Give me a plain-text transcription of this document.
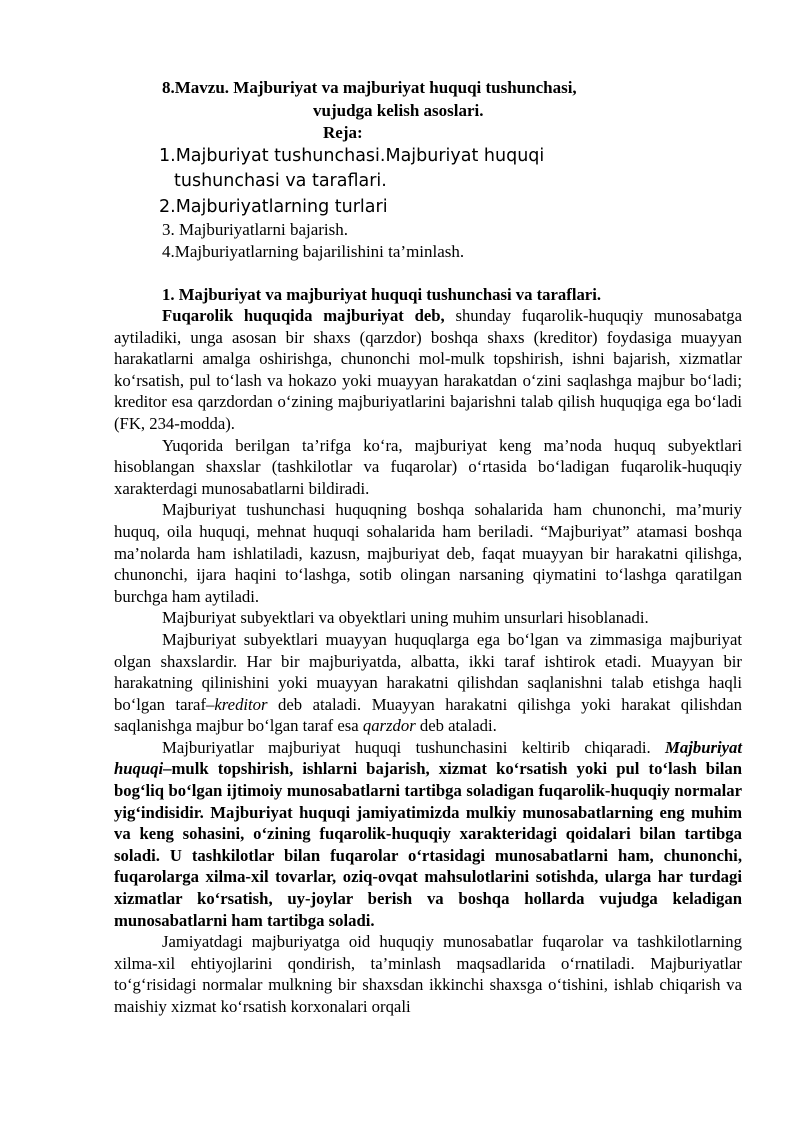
8.Mavzu. Majburiyat va majburiyat huquqi tushunchasi,
vujudga kelish asoslari.
Reja:
1.Majburiyat tushunchasi.Majburiyat huquqi
tushunchasi va taraflari.
2.Majburiyatlarning turlari
3. Majburiyatlarni bajarish.
4.Majburiyatlarning bajarilishini ta’minlash.
1. Majburiyat va majburiyat huquqi tushunchasi va taraflari.

Fuqarolik huquqida majburiyat deb, shunday fuqarolik-huquqiy munosabatga aytiladiki, unga asosan bir shaxs (qarzdor) boshqa shaxs (kreditor) foydasiga muayyan harakatlarni amalga oshirishga, chunonchi mol-mulk topshirish, ishni bajarish, xizmatlar ko‘rsatish, pul to‘lash va hokazo yoki muayyan harakatdan o‘zini saqlashga majbur bo‘ladi; kreditor esa qarzdordan o‘zining majburiyatlarini bajarishni talab qilish huquqiga ega bo‘ladi (FK, 234-modda).

Yuqorida berilgan ta’rifga ko‘ra, majburiyat keng ma’noda huquq subyektlari hisoblangan shaxslar (tashkilotlar va fuqarolar) o‘rtasida bo‘ladigan fuqarolik-huquqiy xarakterdagi munosabatlarni bildiradi.

Majburiyat tushunchasi huquqning boshqa sohalarida ham chunonchi, ma’muriy huquq, oila huquqi, mehnat huquqi sohalarida ham beriladi. “Majburiyat” atamasi boshqa ma’nolarda ham ishlatiladi, kazusn, majburiyat deb, faqat muayyan bir harakatni qilishga, chunonchi, ijara haqini to‘lashga, sotib olingan narsaning qiymatini to‘lashga qaratilgan burchga ham aytiladi.

Majburiyat subyektlari va obyektlari uning muhim unsurlari hisoblanadi.

Majburiyat subyektlari muayyan huquqlarga ega bo‘lgan va zimmasiga majburiyat olgan shaxslardir. Har bir majburiyatda, albatta, ikki taraf ishtirok etadi. Muayyan bir harakatning qilinishini yoki muayyan harakatni qilishdan saqlanishni talab etishga haqli bo‘lgan taraf–kreditor deb ataladi. Muayyan harakatni qilishga yoki harakat qilishdan saqlanishga majbur bo‘lgan taraf esa qarzdor deb ataladi.

Majburiyatlar majburiyat huquqi tushunchasini keltirib chiqaradi. Majburiyat huquqi–mulk topshirish, ishlarni bajarish, xizmat ko‘rsatish yoki pul to‘lash bilan bog‘liq bo‘lgan ijtimoiy munosabatlarni tartibga soladigan fuqarolik-huquqiy normalar yig‘indisidir. Majburiyat huquqi jamiyatimizda mulkiy munosabatlarning eng muhim va keng sohasini, o‘zining fuqarolik-huquqiy xarakteridagi qoidalari bilan tartibga soladi. U tashkilotlar bilan fuqarolar o‘rtasidagi munosabatlarni ham, chunonchi, fuqarolarga xilma-xil tovarlar, oziq-ovqat mahsulotlarini sotishda, ularga har turdagi xizmatlar ko‘rsatish, uy-joylar berish va boshqa hollarda vujudga keladigan munosabatlarni ham tartibga soladi.

Jamiyatdagi majburiyatga oid huquqiy munosabatlar fuqarolar va tashkilotlarning xilma-xil ehtiyojlarini qondirish, ta’minlash maqsadlarida o‘rnatiladi. Majburiyatlar to‘g‘risidagi normalar mulkning bir shaxsdan ikkinchi shaxsga o‘tishini, ishlab chiqarish va maishiy xizmat ko‘rsatish korxonalari orqali
